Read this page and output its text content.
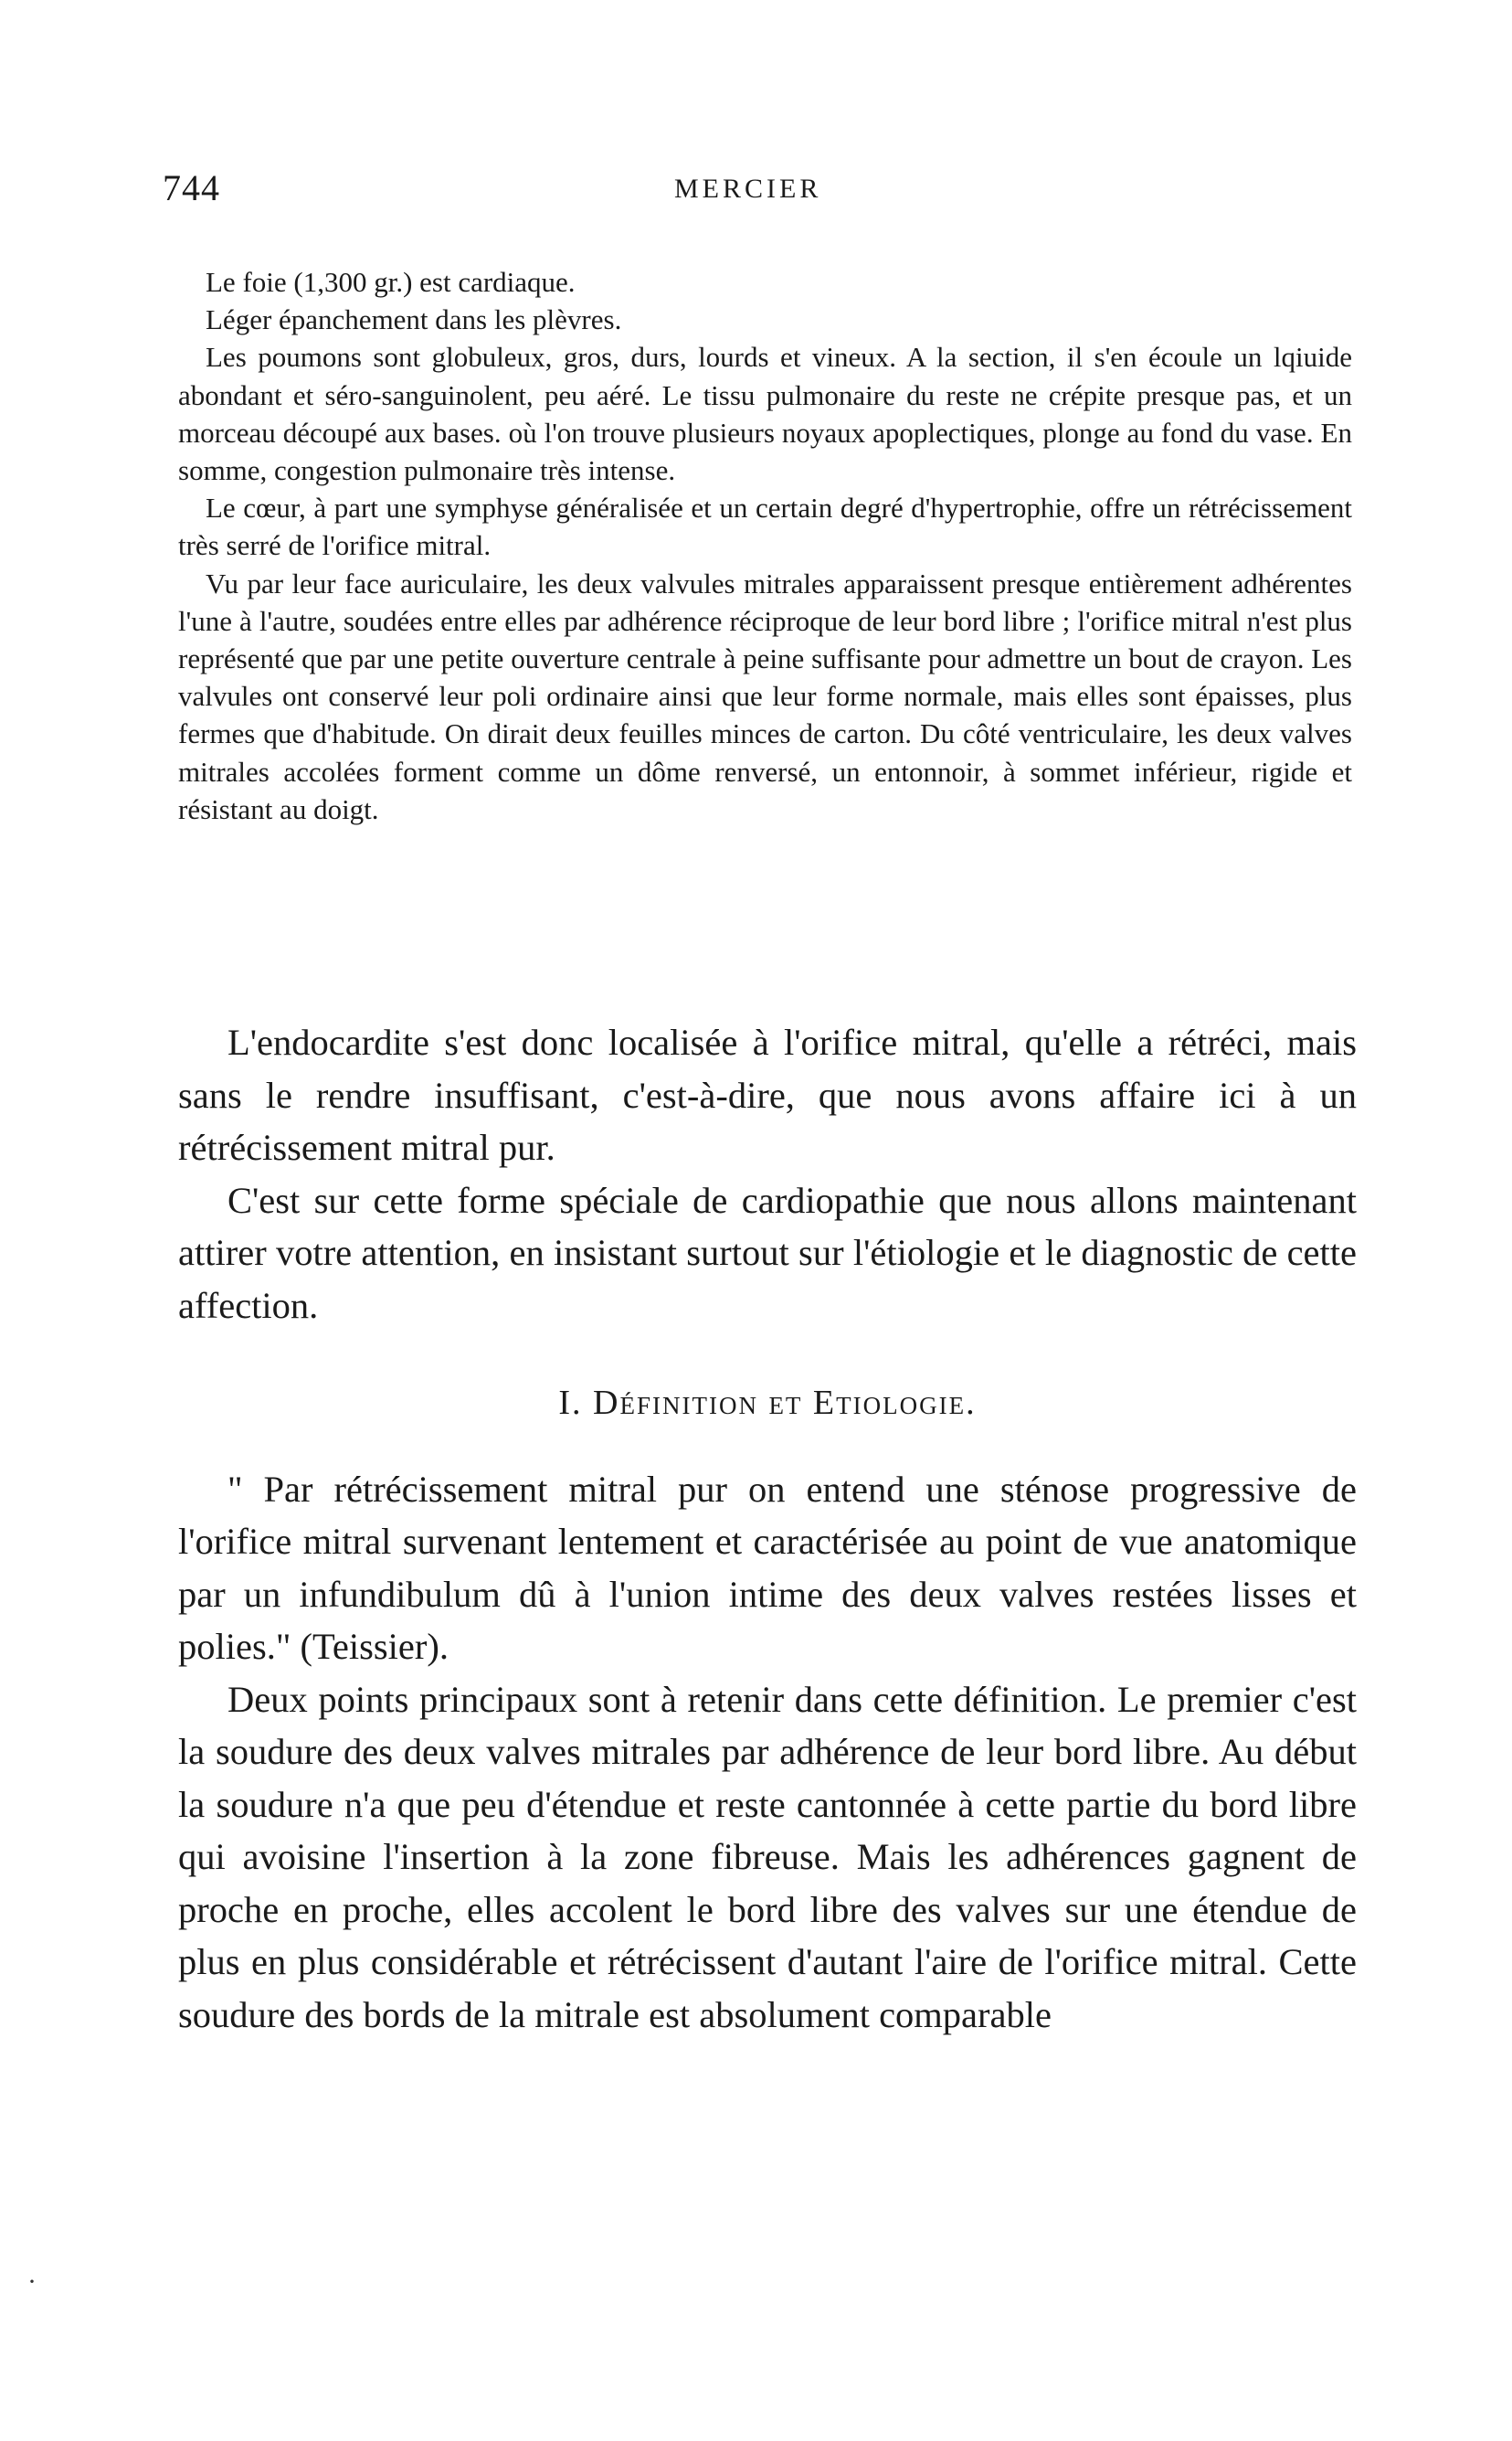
744	MERCIER

Le foie (1,300 gr.) est cardiaque.

Léger épanchement dans les plèvres.

Les poumons sont globuleux, gros, durs, lourds et vineux. A la section, il s'en écoule un lqiuide abondant et séro-sanguinolent, peu aéré. Le tissu pulmonaire du reste ne crépite presque pas, et un morceau découpé aux bases. où l'on trouve plusieurs noyaux apoplectiques, plonge au fond du vase. En somme, congestion pulmonaire très intense.

Le cœur, à part une symphyse généralisée et un certain degré d'hypertrophie, offre un rétrécissement très serré de l'orifice mitral.

Vu par leur face auriculaire, les deux valvules mitrales apparaissent presque entièrement adhérentes l'une à l'autre, soudées entre elles par adhérence réciproque de leur bord libre ; l'orifice mitral n'est plus représenté que par une petite ouverture centrale à peine suffisante pour admettre un bout de crayon. Les valvules ont conservé leur poli ordinaire ainsi que leur forme normale, mais elles sont épaisses, plus fermes que d'habitude. On dirait deux feuilles minces de carton. Du côté ventriculaire, les deux valves mitrales accolées forment comme un dôme renversé, un entonnoir, à sommet inférieur, rigide et résistant au doigt.

L'endocardite s'est donc localisée à l'orifice mitral, qu'elle a rétréci, mais sans le rendre insuffisant, c'est-à-dire, que nous avons affaire ici à un rétrécissement mitral pur.

C'est sur cette forme spéciale de cardiopathie que nous allons maintenant attirer votre attention, en insistant surtout sur l'étiologie et le diagnostic de cette affection.

I. Définition et Etiologie.

" Par rétrécissement mitral pur on entend une sténose progressive de l'orifice mitral survenant lentement et caractérisée au point de vue anatomique par un infundibulum dû à l'union intime des deux valves restées lisses et polies." (Teissier).

Deux points principaux sont à retenir dans cette définition. Le premier c'est la soudure des deux valves mitrales par adhérence de leur bord libre. Au début la soudure n'a que peu d'étendue et reste cantonnée à cette partie du bord libre qui avoisine l'insertion à la zone fibreuse. Mais les adhérences gagnent de proche en proche, elles accolent le bord libre des valves sur une étendue de plus en plus considérable et rétrécissent d'autant l'aire de l'orifice mitral. Cette soudure des bords de la mitrale est absolument comparable

·
